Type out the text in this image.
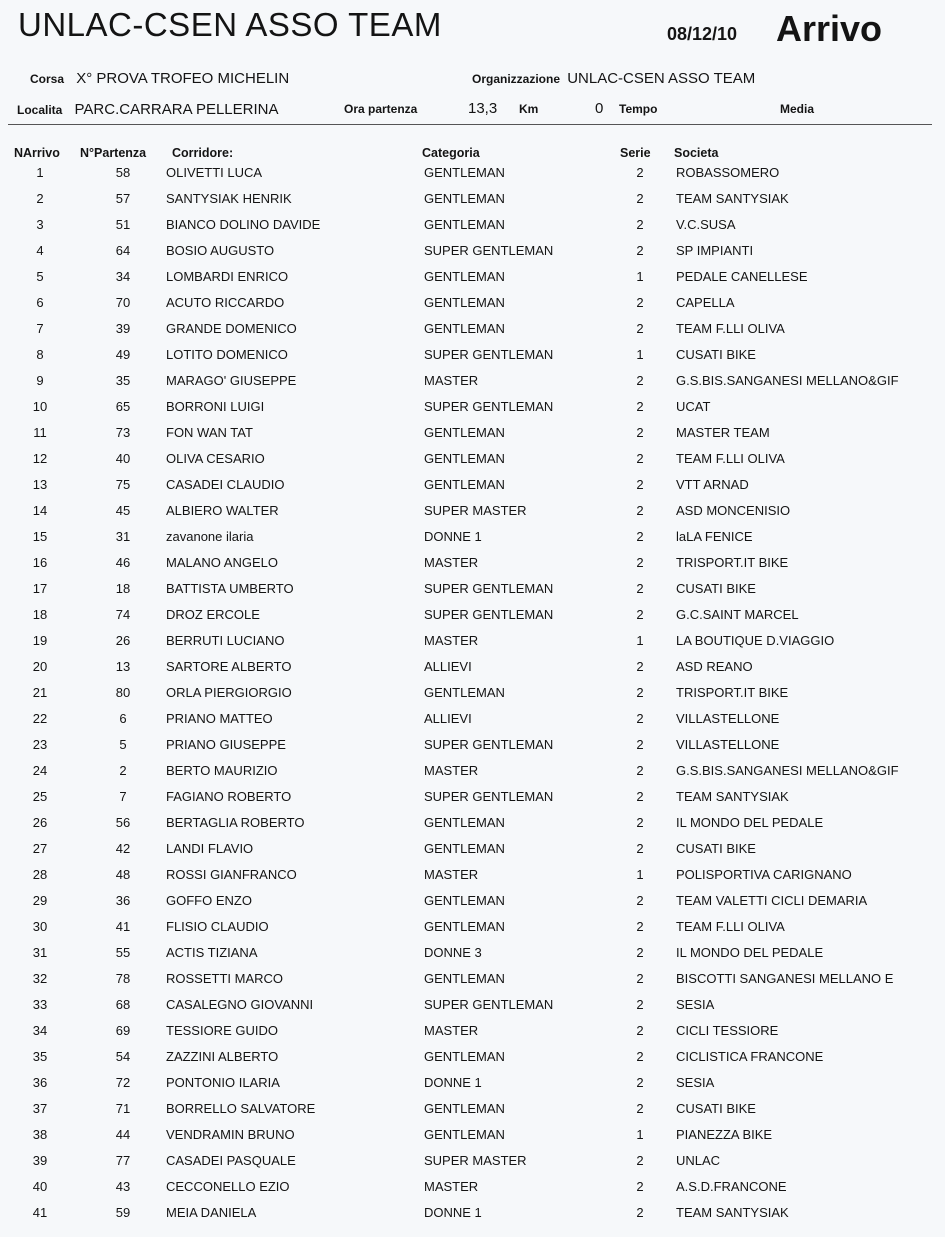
UNLAC-CSEN ASSO TEAM	08/12/10 Arrivo
Corsa X° PROVA TROFEO MICHELIN	Organizzazione UNLAC-CSEN ASSO TEAM
Localita PARC.CARRARA PELLERINA	Ora partenza	13,3 Km	0 Tempo	Media
NArrivo N°Partenza Corridore:	Categoria	Serie Societa
1	58	OLIVETTI LUCA	GENTLEMAN	2	ROBASSOMERO
2	57	SANTYSIAK HENRIK	GENTLEMAN	2	TEAM SANTYSIAK
3	51	BIANCO DOLINO DAVIDE	GENTLEMAN	2	V.C.SUSA
4	64	BOSIO AUGUSTO	SUPER GENTLEMAN	2	SP IMPIANTI
5	34	LOMBARDI ENRICO	GENTLEMAN	1	PEDALE CANELLESE
6	70	ACUTO RICCARDO	GENTLEMAN	2	CAPELLA
7	39	GRANDE DOMENICO	GENTLEMAN	2	TEAM F.LLI OLIVA
8	49	LOTITO DOMENICO	SUPER GENTLEMAN	1	CUSATI BIKE
9	35	MARAGO' GIUSEPPE	MASTER	2	G.S.BIS.SANGANESI MELLANO&GIF
10	65	BORRONI LUIGI	SUPER GENTLEMAN	2	UCAT
11	73	FON WAN TAT	GENTLEMAN	2	MASTER TEAM
12	40	OLIVA CESARIO	GENTLEMAN	2	TEAM F.LLI OLIVA
13	75	CASADEI CLAUDIO	GENTLEMAN	2	VTT ARNAD
14	45	ALBIERO WALTER	SUPER MASTER	2	ASD MONCENISIO
15	31	zavanone ilaria	DONNE 1	2	laLA FENICE
16	46	MALANO ANGELO	MASTER	2	TRISPORT.IT BIKE
17	18	BATTISTA UMBERTO	SUPER GENTLEMAN	2	CUSATI BIKE
18	74	DROZ ERCOLE	SUPER GENTLEMAN	2	G.C.SAINT MARCEL
19	26	BERRUTI LUCIANO	MASTER	1	LA BOUTIQUE D.VIAGGIO
20	13	SARTORE ALBERTO	ALLIEVI	2	ASD REANO
21	80	ORLA PIERGIORGIO	GENTLEMAN	2	TRISPORT.IT BIKE
22	6	PRIANO MATTEO	ALLIEVI	2	VILLASTELLONE
23	5	PRIANO GIUSEPPE	SUPER GENTLEMAN	2	VILLASTELLONE
24	2	BERTO MAURIZIO	MASTER	2	G.S.BIS.SANGANESI MELLANO&GIF
25	7	FAGIANO ROBERTO	SUPER GENTLEMAN	2	TEAM SANTYSIAK
26	56	BERTAGLIA ROBERTO	GENTLEMAN	2	IL MONDO DEL PEDALE
27	42	LANDI FLAVIO	GENTLEMAN	2	CUSATI BIKE
28	48	ROSSI GIANFRANCO	MASTER	1	POLISPORTIVA CARIGNANO
29	36	GOFFO ENZO	GENTLEMAN	2	TEAM VALETTI CICLI DEMARIA
30	41	FLISIO CLAUDIO	GENTLEMAN	2	TEAM F.LLI OLIVA
31	55	ACTIS TIZIANA	DONNE 3	2	IL MONDO DEL PEDALE
32	78	ROSSETTI MARCO	GENTLEMAN	2	BISCOTTI SANGANESI MELLANO E
33	68	CASALEGNO GIOVANNI	SUPER GENTLEMAN	2	SESIA
34	69	TESSIORE GUIDO	MASTER	2	CICLI TESSIORE
35	54	ZAZZINI ALBERTO	GENTLEMAN	2	CICLISTICA FRANCONE
36	72	PONTONIO ILARIA	DONNE 1	2	SESIA
37	71	BORRELLO SALVATORE	GENTLEMAN	2	CUSATI BIKE
38	44	VENDRAMIN BRUNO	GENTLEMAN	1	PIANEZZA BIKE
39	77	CASADEI PASQUALE	SUPER MASTER	2	UNLAC
40	43	CECCONELLO EZIO	MASTER	2	A.S.D.FRANCONE
41	59	MEIA DANIELA	DONNE 1	2	TEAM SANTYSIAK
